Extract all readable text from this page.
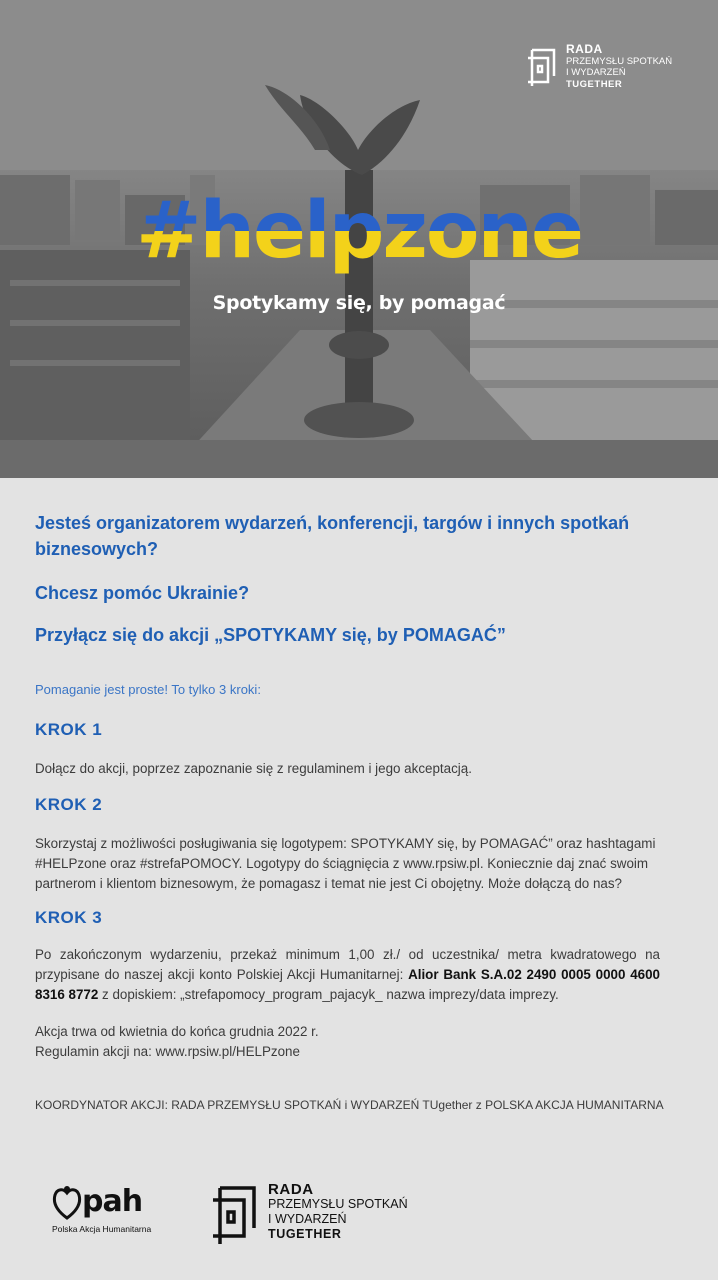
RADA
PRZEMYSŁU SPOTKAŃ
I WYDARZEŃ
TUGETHER
#helpzone
Spotykamy się, by pomagać

Jesteś organizatorem wydarzeń, konferencji, targów i innych spotkań biznesowych?

Chcesz pomóc Ukrainie?

Przyłącz się do akcji „SPOTYKAMY się, by POMAGAĆ”

Pomaganie jest proste! To tylko 3 kroki:
KROK 1
Dołącz do akcji, poprzez zapoznanie się z regulaminem i jego akceptacją.
KROK 2
Skorzystaj z możliwości posługiwania się logotypem: SPOTYKAMY się, by POMAGAĆ” oraz hashtagami #HELPzone oraz #strefaPOMOCY. Logotypy do ściągnięcia z www.rpsiw.pl. Koniecznie daj znać swoim partnerom i klientom biznesowym, że pomagasz i temat nie jest Ci obojętny. Może dołączą do nas?
KROK 3
Po zakończonym wydarzeniu, przekaż minimum 1,00 zł./ od uczestnika/ metra kwadratowego na przypisane do naszej akcji konto Polskiej Akcji Humanitarnej: Alior Bank S.A.02 2490 0005 0000 4600 8316 8772 z dopiskiem: „strefapomocy_program_pajacyk_ nazwa imprezy/data imprezy.
Akcja trwa od kwietnia do końca grudnia 2022 r.
Regulamin akcji na: www.rpsiw.pl/HELPzone
KOORDYNATOR AKCJI: RADA PRZEMYSŁU SPOTKAŃ i WYDARZEŃ TUgether z POLSKA AKCJA HUMANITARNA
pah
Polska Akcja Humanitarna
RADA
PRZEMYSŁU SPOTKAŃ
I WYDARZEŃ
TUGETHER
